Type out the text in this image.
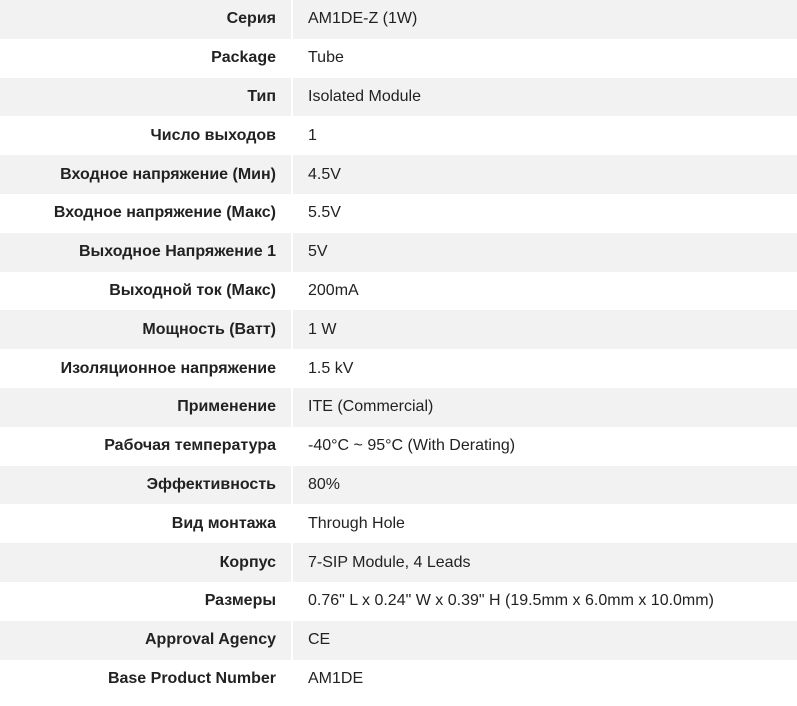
Серия	AM1DE-Z (1W)
Package	Tube
Тип	Isolated Module
Число выходов	1
Входное напряжение (Мин)	4.5V
Входное напряжение (Макс)	5.5V
Выходное Напряжение 1	5V
Выходной ток (Макс)	200mA
Мощность (Ватт)	1 W
Изоляционное напряжение	1.5 kV
Применение	ITE (Commercial)
Рабочая температура	-40°C ~ 95°C (With Derating)
Эффективность	80%
Вид монтажа	Through Hole
Корпус	7-SIP Module, 4 Leads
Размеры	0.76" L x 0.24" W x 0.39" H (19.5mm x 6.0mm x 10.0mm)
Approval Agency	CE
Base Product Number	AM1DE
